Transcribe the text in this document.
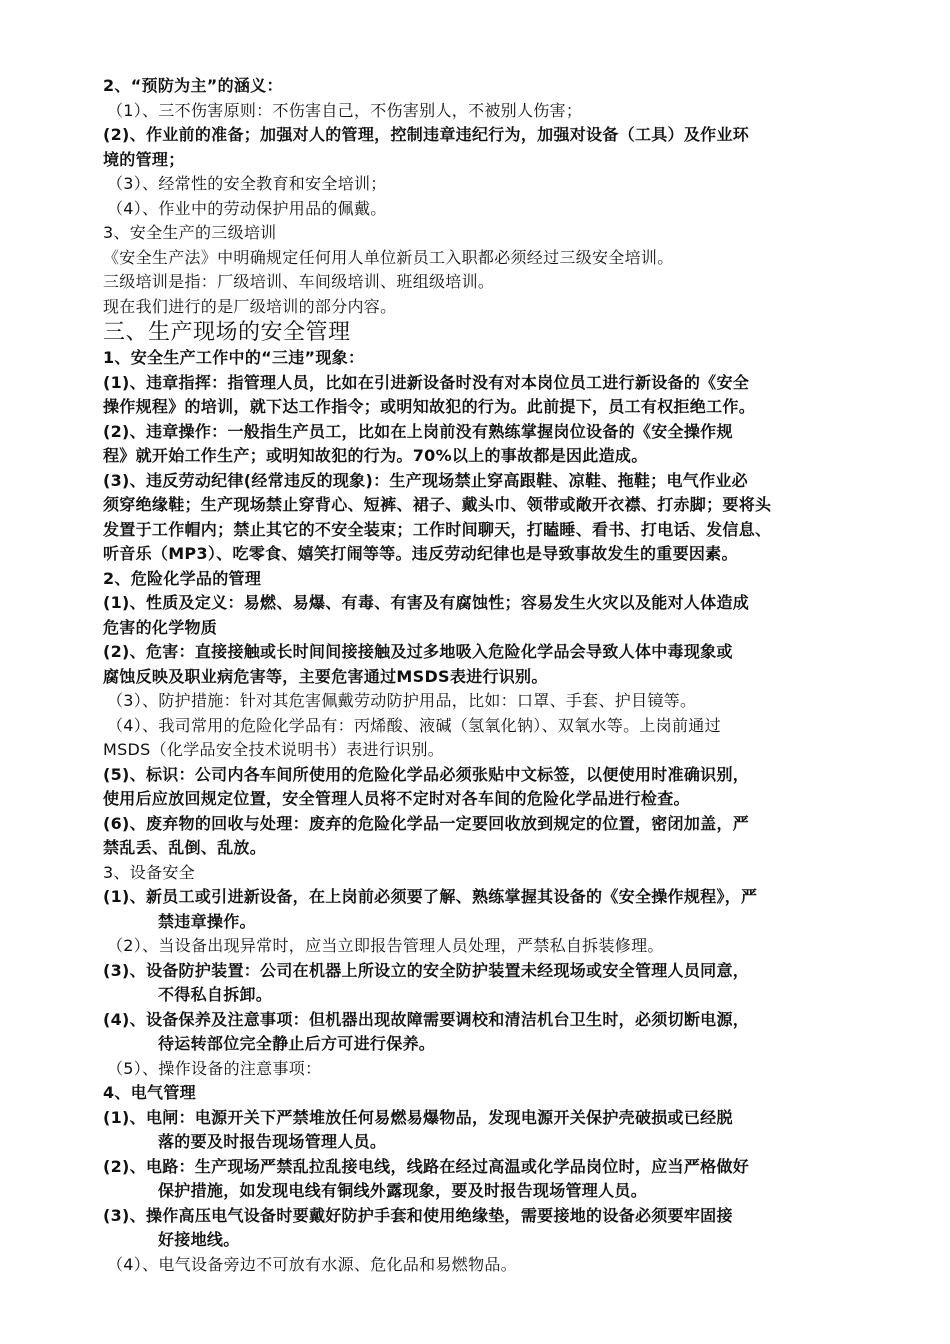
2、“预防为主”的涵义：
（1）、三不伤害原则：不伤害自己，不伤害别人，不被别人伤害；
(2)、作业前的准备；加强对人的管理，控制违章违纪行为，加强对设备（工具）及作业环
境的管理；
（3）、经常性的安全教育和安全培训；
（4）、作业中的劳动保护用品的佩戴。
3、安全生产的三级培训
《安全生产法》中明确规定任何用人单位新员工入职都必须经过三级安全培训。
三级培训是指：厂级培训、车间级培训、班组级培训。
现在我们进行的是厂级培训的部分内容。
三、生产现场的安全管理
1、安全生产工作中的“三违”现象：
(1)、违章指挥：指管理人员，比如在引进新设备时没有对本岗位员工进行新设备的《安全
操作规程》的培训，就下达工作指令；或明知故犯的行为。此前提下，员工有权拒绝工作。
(2)、违章操作：一般指生产员工，比如在上岗前没有熟练掌握岗位设备的《安全操作规
程》就开始工作生产；或明知故犯的行为。70%以上的事故都是因此造成。
(3)、违反劳动纪律(经常违反的现象)：生产现场禁止穿高跟鞋、凉鞋、拖鞋；电气作业必
须穿绝缘鞋；生产现场禁止穿背心、短裤、裙子、戴头巾、领带或敞开衣襟、打赤脚；要将头
发置于工作帽内；禁止其它的不安全装束；工作时间聊天，打瞌睡、看书、打电话、发信息、
听音乐（MP3）、吃零食、嬉笑打闹等等。违反劳动纪律也是导致事故发生的重要因素。
2、危险化学品的管理
(1)、性质及定义：易燃、易爆、有毒、有害及有腐蚀性；容易发生火灾以及能对人体造成
危害的化学物质
(2)、危害：直接接触或长时间间接接触及过多地吸入危险化学品会导致人体中毒现象或
腐蚀反映及职业病危害等，主要危害通过MSDS表进行识别。
（3）、防护措施：针对其危害佩戴劳动防护用品，比如：口罩、手套、护目镜等。
（4）、我司常用的危险化学品有：丙烯酸、液碱（氢氧化钠）、双氧水等。上岗前通过
MSDS（化学品安全技术说明书）表进行识别。
(5)、标识：公司内各车间所使用的危险化学品必须张贴中文标签，以便使用时准确识别，
使用后应放回规定位置，安全管理人员将不定时对各车间的危险化学品进行检查。
(6)、废弃物的回收与处理：废弃的危险化学品一定要回收放到规定的位置，密闭加盖，严
禁乱丢、乱倒、乱放。
3、设备安全
(1)、新员工或引进新设备，在上岗前必须要了解、熟练掌握其设备的《安全操作规程》，严
禁违章操作。
（2）、当设备出现异常时，应当立即报告管理人员处理，严禁私自拆装修理。
(3)、设备防护装置：公司在机器上所设立的安全防护装置未经现场或安全管理人员同意，
不得私自拆卸。
(4)、设备保养及注意事项：但机器出现故障需要调校和清洁机台卫生时，必须切断电源，
待运转部位完全静止后方可进行保养。
（5）、操作设备的注意事项：
4、电气管理
(1)、电闸：电源开关下严禁堆放任何易燃易爆物品，发现电源开关保护壳破损或已经脱
落的要及时报告现场管理人员。
(2)、电路：生产现场严禁乱拉乱接电线，线路在经过高温或化学品岗位时，应当严格做好
保护措施，如发现电线有铜线外露现象，要及时报告现场管理人员。
(3)、操作高压电气设备时要戴好防护手套和使用绝缘垫，需要接地的设备必须要牢固接
好接地线。
（4）、电气设备旁边不可放有水源、危化品和易燃物品。
